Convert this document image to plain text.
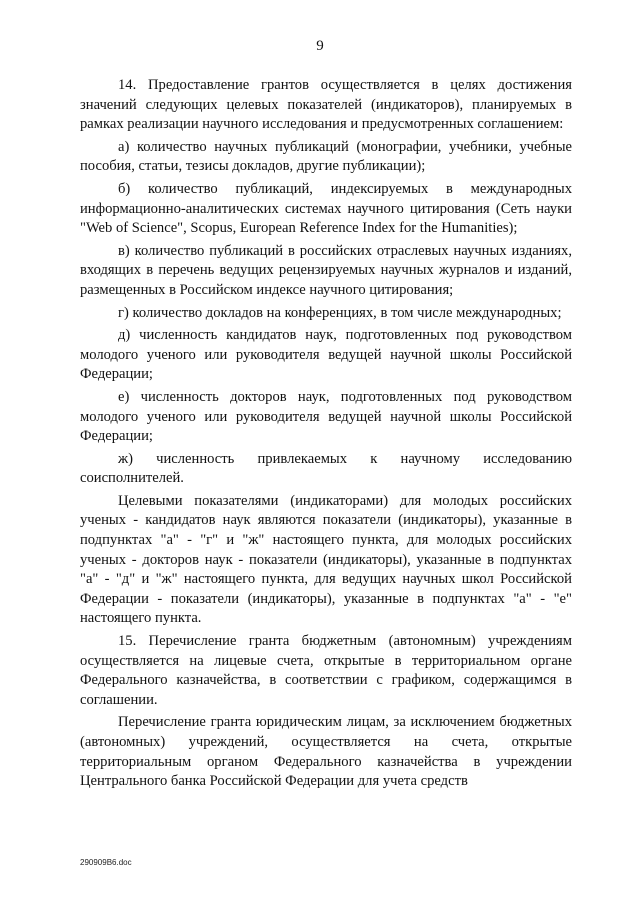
9

14. Предоставление грантов осуществляется в целях достижения значений следующих целевых показателей (индикаторов), планируемых в рамках реализации научного исследования и предусмотренных соглашением:

а) количество научных публикаций (монографии, учебники, учебные пособия, статьи, тезисы докладов, другие публикации);

б) количество публикаций, индексируемых в международных информационно-аналитических системах научного цитирования (Сеть науки "Web of Science", Scopus, European Reference Index for the Humanities);

в) количество публикаций в российских отраслевых научных изданиях, входящих в перечень ведущих рецензируемых научных журналов и изданий, размещенных в Российском индексе научного цитирования;

г) количество докладов на конференциях, в том числе международных;

д) численность кандидатов наук, подготовленных под руководством молодого ученого или руководителя ведущей научной школы Российской Федерации;

е) численность докторов наук, подготовленных под руководством молодого ученого или руководителя ведущей научной школы Российской Федерации;

ж) численность привлекаемых к научному исследованию соисполнителей.

Целевыми показателями (индикаторами) для молодых российских ученых - кандидатов наук являются показатели (индикаторы), указанные в подпунктах "а" - "г" и "ж" настоящего пункта, для молодых российских ученых - докторов наук - показатели (индикаторы), указанные в подпунктах "а" - "д" и "ж" настоящего пункта, для ведущих научных школ Российской Федерации - показатели (индикаторы), указанные в подпунктах "а" - "е" настоящего пункта.

15. Перечисление гранта бюджетным (автономным) учреждениям осуществляется на лицевые счета, открытые в территориальном органе Федерального казначейства, в соответствии с графиком, содержащимся в соглашении.

Перечисление гранта юридическим лицам, за исключением бюджетных (автономных) учреждений, осуществляется на счета, открытые территориальным органом Федерального казначейства в учреждении Центрального банка Российской Федерации для учета средств

290909B6.doc
